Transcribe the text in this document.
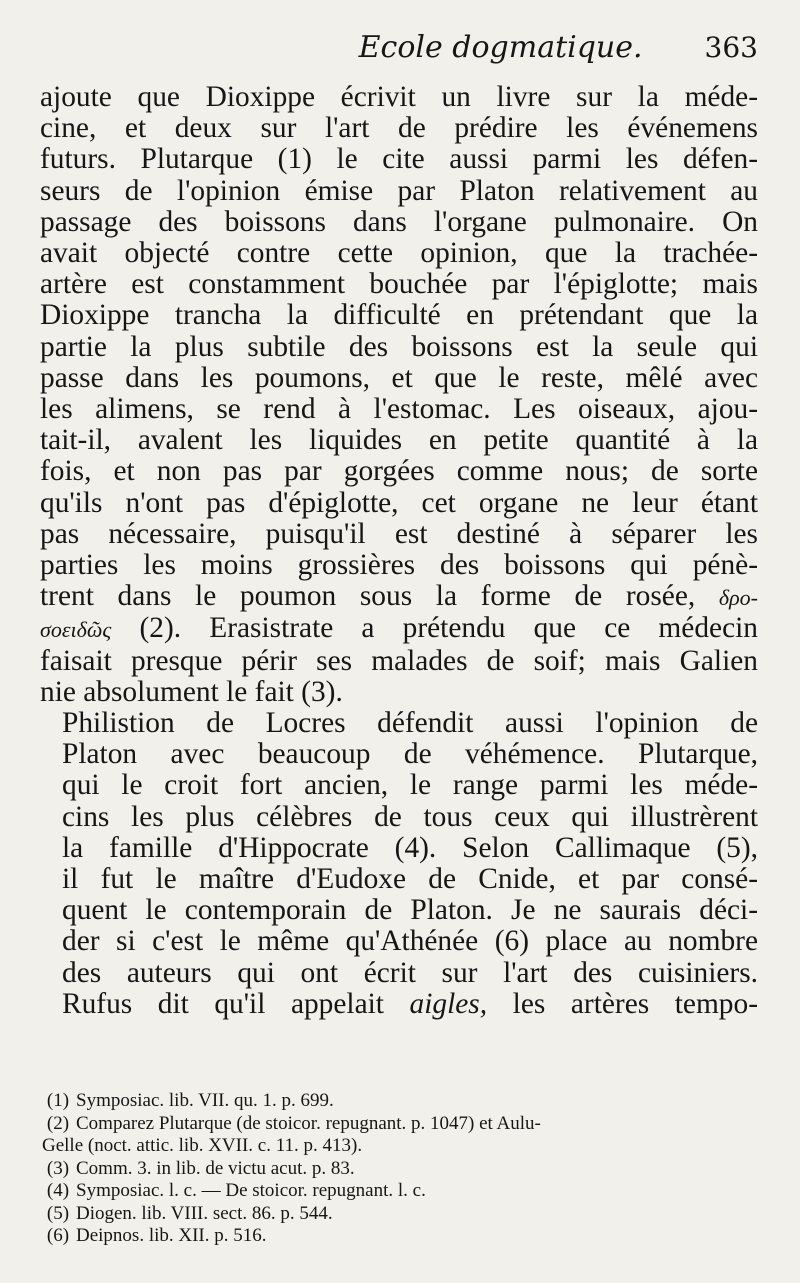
Ecole dogmatique. 363

ajoute que Dioxippe écrivit un livre sur la méde-
cine, et deux sur l'art de prédire les événemens
futurs. Plutarque (1) le cite aussi parmi les défen-
seurs de l'opinion émise par Platon relativement au
passage des boissons dans l'organe pulmonaire. On
avait objecté contre cette opinion, que la trachée-
artère est constamment bouchée par l'épiglotte; mais
Dioxippe trancha la difficulté en prétendant que la
partie la plus subtile des boissons est la seule qui
passe dans les poumons, et que le reste, mêlé avec
les alimens, se rend à l'estomac. Les oiseaux, ajou-
tait-il, avalent les liquides en petite quantité à la
fois, et non pas par gorgées comme nous; de sorte
qu'ils n'ont pas d'épiglotte, cet organe ne leur étant
pas nécessaire, puisqu'il est destiné à séparer les
parties les moins grossières des boissons qui pénè-
trent dans le poumon sous la forme de rosée, δρο-
σοειδῶς (2). Erasistrate a prétendu que ce médecin
faisait presque périr ses malades de soif; mais Galien
nie absolument le fait (3).

Philistion de Locres défendit aussi l'opinion de
Platon avec beaucoup de véhémence. Plutarque,
qui le croit fort ancien, le range parmi les méde-
cins les plus célèbres de tous ceux qui illustrèrent
la famille d'Hippocrate (4). Selon Callimaque (5),
il fut le maître d'Eudoxe de Cnide, et par consé-
quent le contemporain de Platon. Je ne saurais déci-
der si c'est le même qu'Athénée (6) place au nombre
des auteurs qui ont écrit sur l'art des cuisiniers.
Rufus dit qu'il appelait aigles, les artères tempo-

(1) Symposiac. lib. VII. qu. 1. p. 699.
(2) Comparez Plutarque (de stoicor. repugnant. p. 1047) et Aulu-
Gelle (noct. attic. lib. XVII. c. 11. p. 413).
(3) Comm. 3. in lib. de victu acut. p. 83.
(4) Symposiac. l. c. — De stoicor. repugnant. l. c.
(5) Diogen. lib. VIII. sect. 86. p. 544.
(6) Deipnos. lib. XII. p. 516.
